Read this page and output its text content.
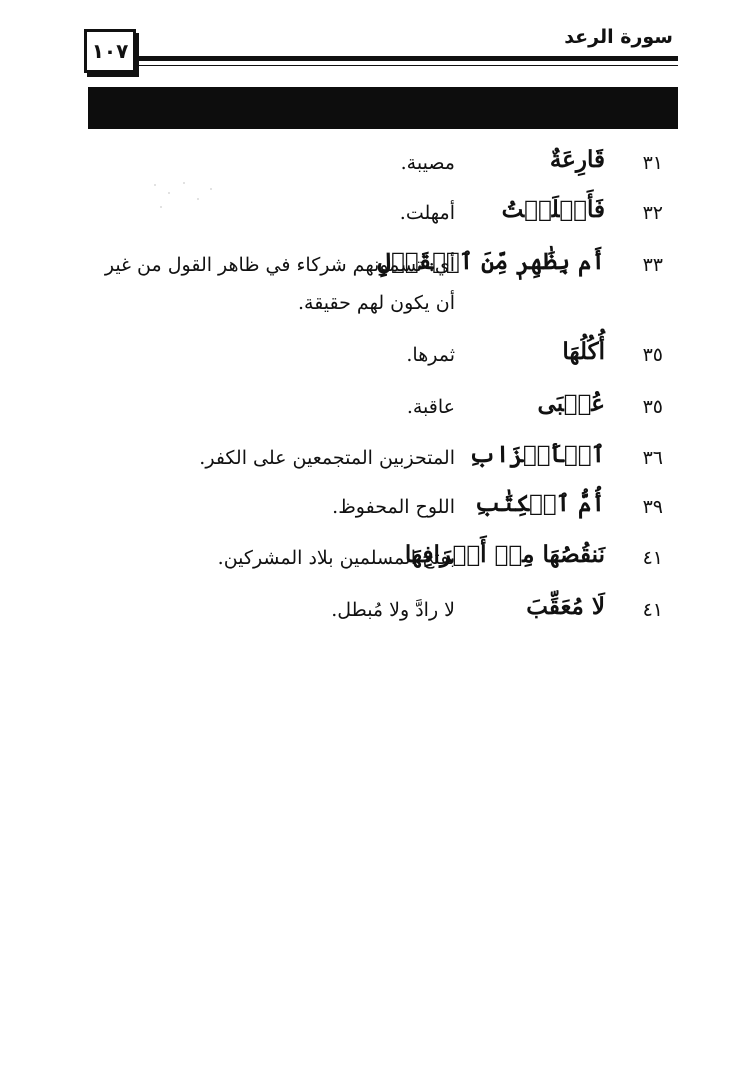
سورة الرعد
١٠٧
٣١
قَارِعَةٌ
مصيبة.
٣٢
فَأَمۡلَيۡتُ
أمهلت.
٣٣
أَم بِظَٰهِرٖ مِّنَ ٱلۡقَوۡلِ
أي: تسمونهم شركاء في ظاهر القول من غير
أن يكون لهم حقيقة.
٣٥
أُكُلُهَا
ثمرها.
٣٥
عُقۡبَى
عاقبة.
٣٦
ٱلۡأَحۡزَابِ
المتحزبين المتجمعين على الكفر.
٣٩
أُمُّ ٱلۡكِتَٰبِ
اللوح المحفوظ.
٤١
نَنقُصُهَا مِنۡ أَطۡرَافِهَا
بفتح المسلمين بلاد المشركين.
٤١
لَا مُعَقِّبَ
لا رادَّ ولا مُبطل.
